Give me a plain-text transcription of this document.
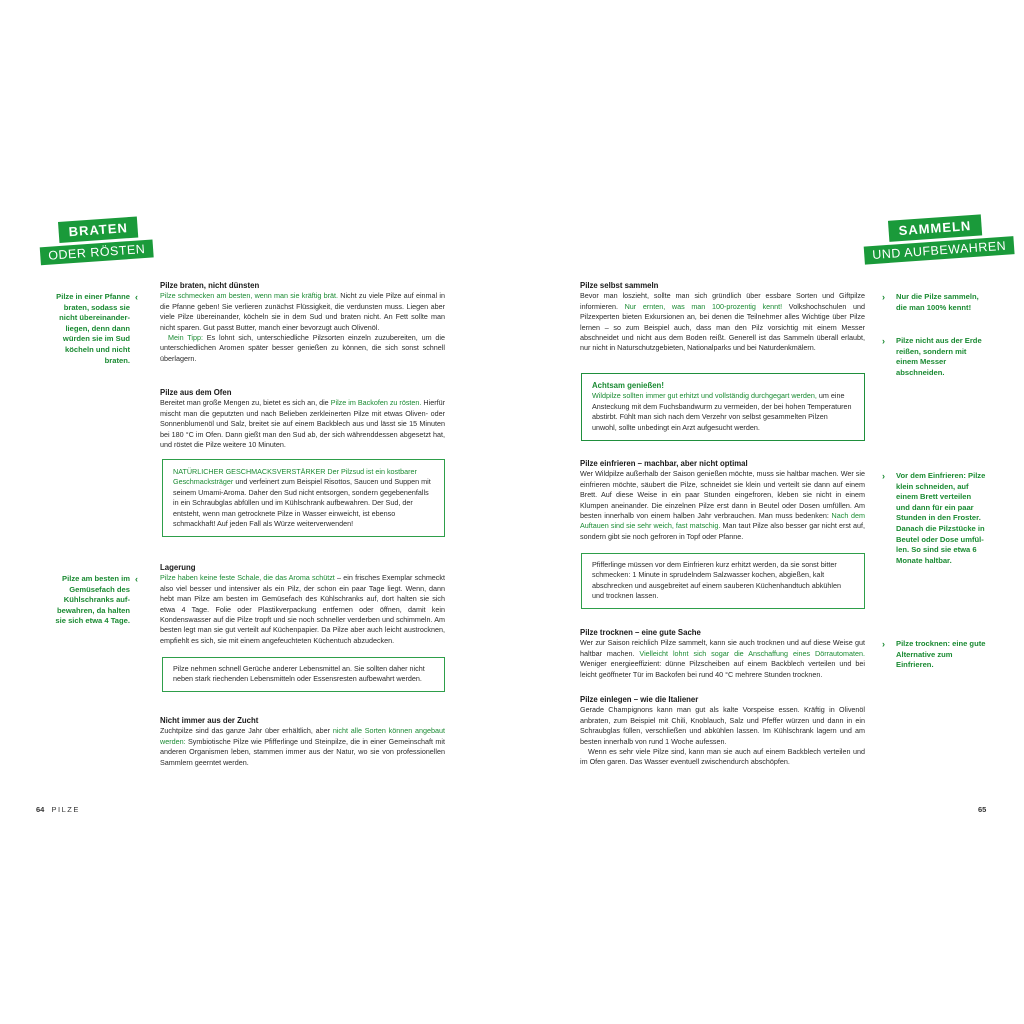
BRATEN
ODER RÖSTEN
Pilze in einer Pfanne braten, sodass sie nicht übereinanderliegen, denn dann würden sie im Sud köcheln und nicht braten.
‹
Pilze am besten im Gemüsefach des Kühlschranks aufbewahren, da halten sie sich etwa 4 Tage.
‹

Pilze braten, nicht dünsten

Pilze schmecken am besten, wenn man sie kräftig brät. Nicht zu viele Pilze auf einmal in die Pfanne geben! Sie verlieren zunächst Flüssigkeit, die verdunsten muss. Liegen aber viele Pilze übereinander, köcheln sie in dem Sud und braten nicht. An Fett sollte man nicht sparen. Gut passt Butter, manch einer bevorzugt auch Olivenöl.

Mein Tipp: Es lohnt sich, unterschiedliche Pilzsorten einzeln zuzubereiten, um die unterschiedlichen Aromen später besser genießen zu können, die sich sonst schnell überlagern.

Pilze aus dem Ofen

Bereitet man große Mengen zu, bietet es sich an, die Pilze im Backofen zu rösten. Hierfür mischt man die geputzten und nach Belieben zerkleinerten Pilze mit etwas Oliven- oder Sonnenblumenöl und Salz, breitet sie auf einem Backblech aus und lässt sie 15 Minuten bei 180 °C im Ofen. Dann gießt man den Sud ab, der sich währenddessen abgesetzt hat, und röstet die Pilze weitere 10 Minuten.

NATÜRLICHER GESCHMACKSVERSTÄRKER Der Pilzsud ist ein kostbarer Geschmacksträger und verfeinert zum Beispiel Risottos, Saucen und Suppen mit seinem Umami-Aroma. Daher den Sud nicht entsorgen, sondern gegebenenfalls in ein Schraubglas abfüllen und im Kühlschrank aufbewahren. Der Sud, der entsteht, wenn man getrocknete Pilze in Wasser einweicht, ist ebenso schmackhaft! Auf jeden Fall als Würze weiterverwenden!

Lagerung

Pilze haben keine feste Schale, die das Aroma schützt – ein frisches Exemplar schmeckt also viel besser und intensiver als ein Pilz, der schon ein paar Tage liegt. Wenn, dann hebt man Pilze am besten im Gemüsefach des Kühlschranks auf, dort halten sie sich etwa 4 Tage. Folie oder Plastikverpackung entfernen oder öffnen, damit kein Kondenswasser auf die Pilze tropft und sie noch schneller verderben und schimmeln. Am besten legt man sie gut verteilt auf Küchenpapier. Da Pilze aber auch leicht austrocknen, empfiehlt es sich, sie mit einem angefeuchteten Küchentuch abzudecken.

Pilze nehmen schnell Gerüche anderer Lebensmittel an. Sie sollten daher nicht neben stark riechenden Lebensmitteln oder Essensresten aufbewahrt werden.

Nicht immer aus der Zucht

Zuchtpilze sind das ganze Jahr über erhältlich, aber nicht alle Sorten können angebaut werden: Symbiotische Pilze wie Pfifferlinge und Steinpilze, die in einer Gemeinschaft mit anderen Organismen leben, stammen immer aus der Natur, wo sie von professionellen Sammlern geerntet werden.

64 PILZE
SAMMELN
UND AUFBEWAHREN

Pilze selbst sammeln

Bevor man loszieht, sollte man sich gründlich über essbare Sorten und Giftpilze informieren. Nur ernten, was man 100-prozentig kennt! Volkshochschulen und Pilzexperten bieten Exkursionen an, bei denen die Teilnehmer alles Wichtige über Pilze lernen – so zum Beispiel auch, dass man den Pilz vorsichtig mit einem Messer abschneidet und nicht aus dem Boden reißt. Generell ist das Sammeln überall erlaubt, nur nicht in Naturschutzgebieten, Nationalparks und bei Naturdenkmälern.

Achtsam genießen!
Wildpilze sollten immer gut erhitzt und vollständig durchgegart werden, um eine Ansteckung mit dem Fuchsbandwurm zu vermeiden, der bei hohen Temperaturen abstirbt. Fühlt man sich nach dem Verzehr von selbst gesammelten Pilzen unwohl, sollte unbedingt ein Arzt aufgesucht werden.

Pilze einfrieren – machbar, aber nicht optimal

Wer Wildpilze außerhalb der Saison genießen möchte, muss sie haltbar machen. Wer sie einfrieren möchte, säubert die Pilze, schneidet sie klein und verteilt sie dann auf einem Brett. Auf diese Weise in ein paar Stunden eingefroren, kleben sie nicht in einem Klumpen aneinander. Die einzelnen Pilze erst dann in Beutel oder Dosen umfüllen. Am besten innerhalb von einem halben Jahr verbrauchen. Man muss bedenken: Nach dem Auftauen sind sie sehr weich, fast matschig. Man taut Pilze also besser gar nicht erst auf, sondern gibt sie noch gefroren in Topf oder Pfanne.

Pfifferlinge müssen vor dem Einfrieren kurz erhitzt werden, da sie sonst bitter schmecken: 1 Minute in sprudelndem Salzwasser kochen, abgießen, kalt abschrecken und ausgebreitet auf einem sauberen Küchenhandtuch abkühlen und trocknen lassen.

Pilze trocknen – eine gute Sache

Wer zur Saison reichlich Pilze sammelt, kann sie auch trocknen und auf diese Weise gut haltbar machen. Vielleicht lohnt sich sogar die Anschaffung eines Dörrautomaten. Weniger energieeffizient: dünne Pilzscheiben auf einem Backblech verteilen und bei leicht geöffneter Tür im Backofen bei rund 40 °C mehrere Stunden trocknen.

Pilze einlegen – wie die Italiener

Gerade Champignons kann man gut als kalte Vorspeise essen. Kräftig in Olivenöl anbraten, zum Beispiel mit Chili, Knoblauch, Salz und Pfeffer würzen und dann in ein Schraubglas füllen, verschließen und abkühlen lassen. Im Kühlschrank lagern und am besten innerhalb von rund 1 Woche aufessen.

Wenn es sehr viele Pilze sind, kann man sie auch auf einem Backblech verteilen und im Ofen garen. Das Wasser eventuell zwischendurch abschöpfen.

› Nur die Pilze sammeln, die man 100% kennt!
› Pilze nicht aus der Erde reißen, sondern mit einem Messer abschneiden.
› Vor dem Einfrieren: Pilze klein schneiden, auf einem Brett verteilen und dann für ein paar Stunden in den Froster. Danach die Pilzstücke in Beutel oder Dose umfüllen. So sind sie etwa 6 Monate haltbar.
› Pilze trocknen: eine gute Alternative zum Einfrieren.
65
